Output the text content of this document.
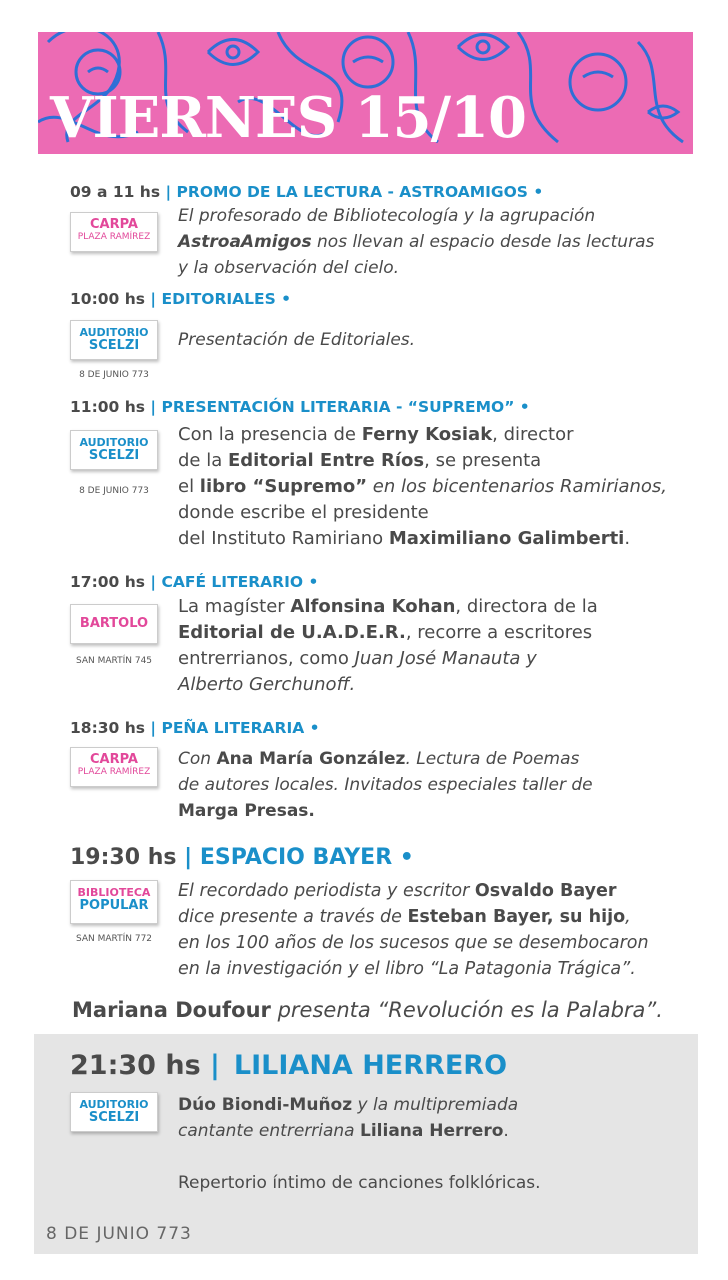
VIERNES 15/10
09 a 11 hs | PROMO DE LA LECTURA - ASTROAMIGOS •
CARPA
PLAZA RAMÍREZ
El profesorado de Bibliotecología y la agrupación
AstroaAmigos nos llevan al espacio desde las lecturas
y la observación del cielo.
10:00 hs | EDITORIALES •
AUDITORIO
SCELZI
8 DE JUNIO 773
Presentación de Editoriales.
11:00 hs | PRESENTACIÓN LITERARIA - “SUPREMO” •
AUDITORIO
SCELZI
8 DE JUNIO 773
Con la presencia de Ferny Kosiak, director
de la Editorial Entre Ríos, se presenta
el libro “Supremo” en los bicentenarios Ramirianos,
donde escribe el presidente
del Instituto Ramiriano Maximiliano Galimberti.
17:00 hs | CAFÉ LITERARIO •
BARTOLO
SAN MARTÍN 745
La magíster Alfonsina Kohan, directora de la
Editorial de U.A.D.E.R., recorre a escritores
entrerrianos, como Juan José Manauta y
Alberto Gerchunoff.
18:30 hs | PEÑA LITERARIA •
CARPA
PLAZA RAMÍREZ
Con Ana María González. Lectura de Poemas
de autores locales. Invitados especiales taller de
Marga Presas.
19:30 hs | ESPACIO BAYER •
BIBLIOTECA
POPULAR
SAN MARTÍN 772
El recordado periodista y escritor Osvaldo Bayer
dice presente a través de Esteban Bayer, su hijo,
en los 100 años de los sucesos que se desembocaron
en la investigación y el libro “La Patagonia Trágica”.
Mariana Doufour presenta “Revolución es la Palabra”.
21:30 hs | LILIANA HERRERO
AUDITORIO
SCELZI
Dúo Biondi-Muñoz y la multipremiada
cantante entrerriana Liliana Herrero.
Repertorio íntimo de canciones folklóricas.
8 DE JUNIO 773
